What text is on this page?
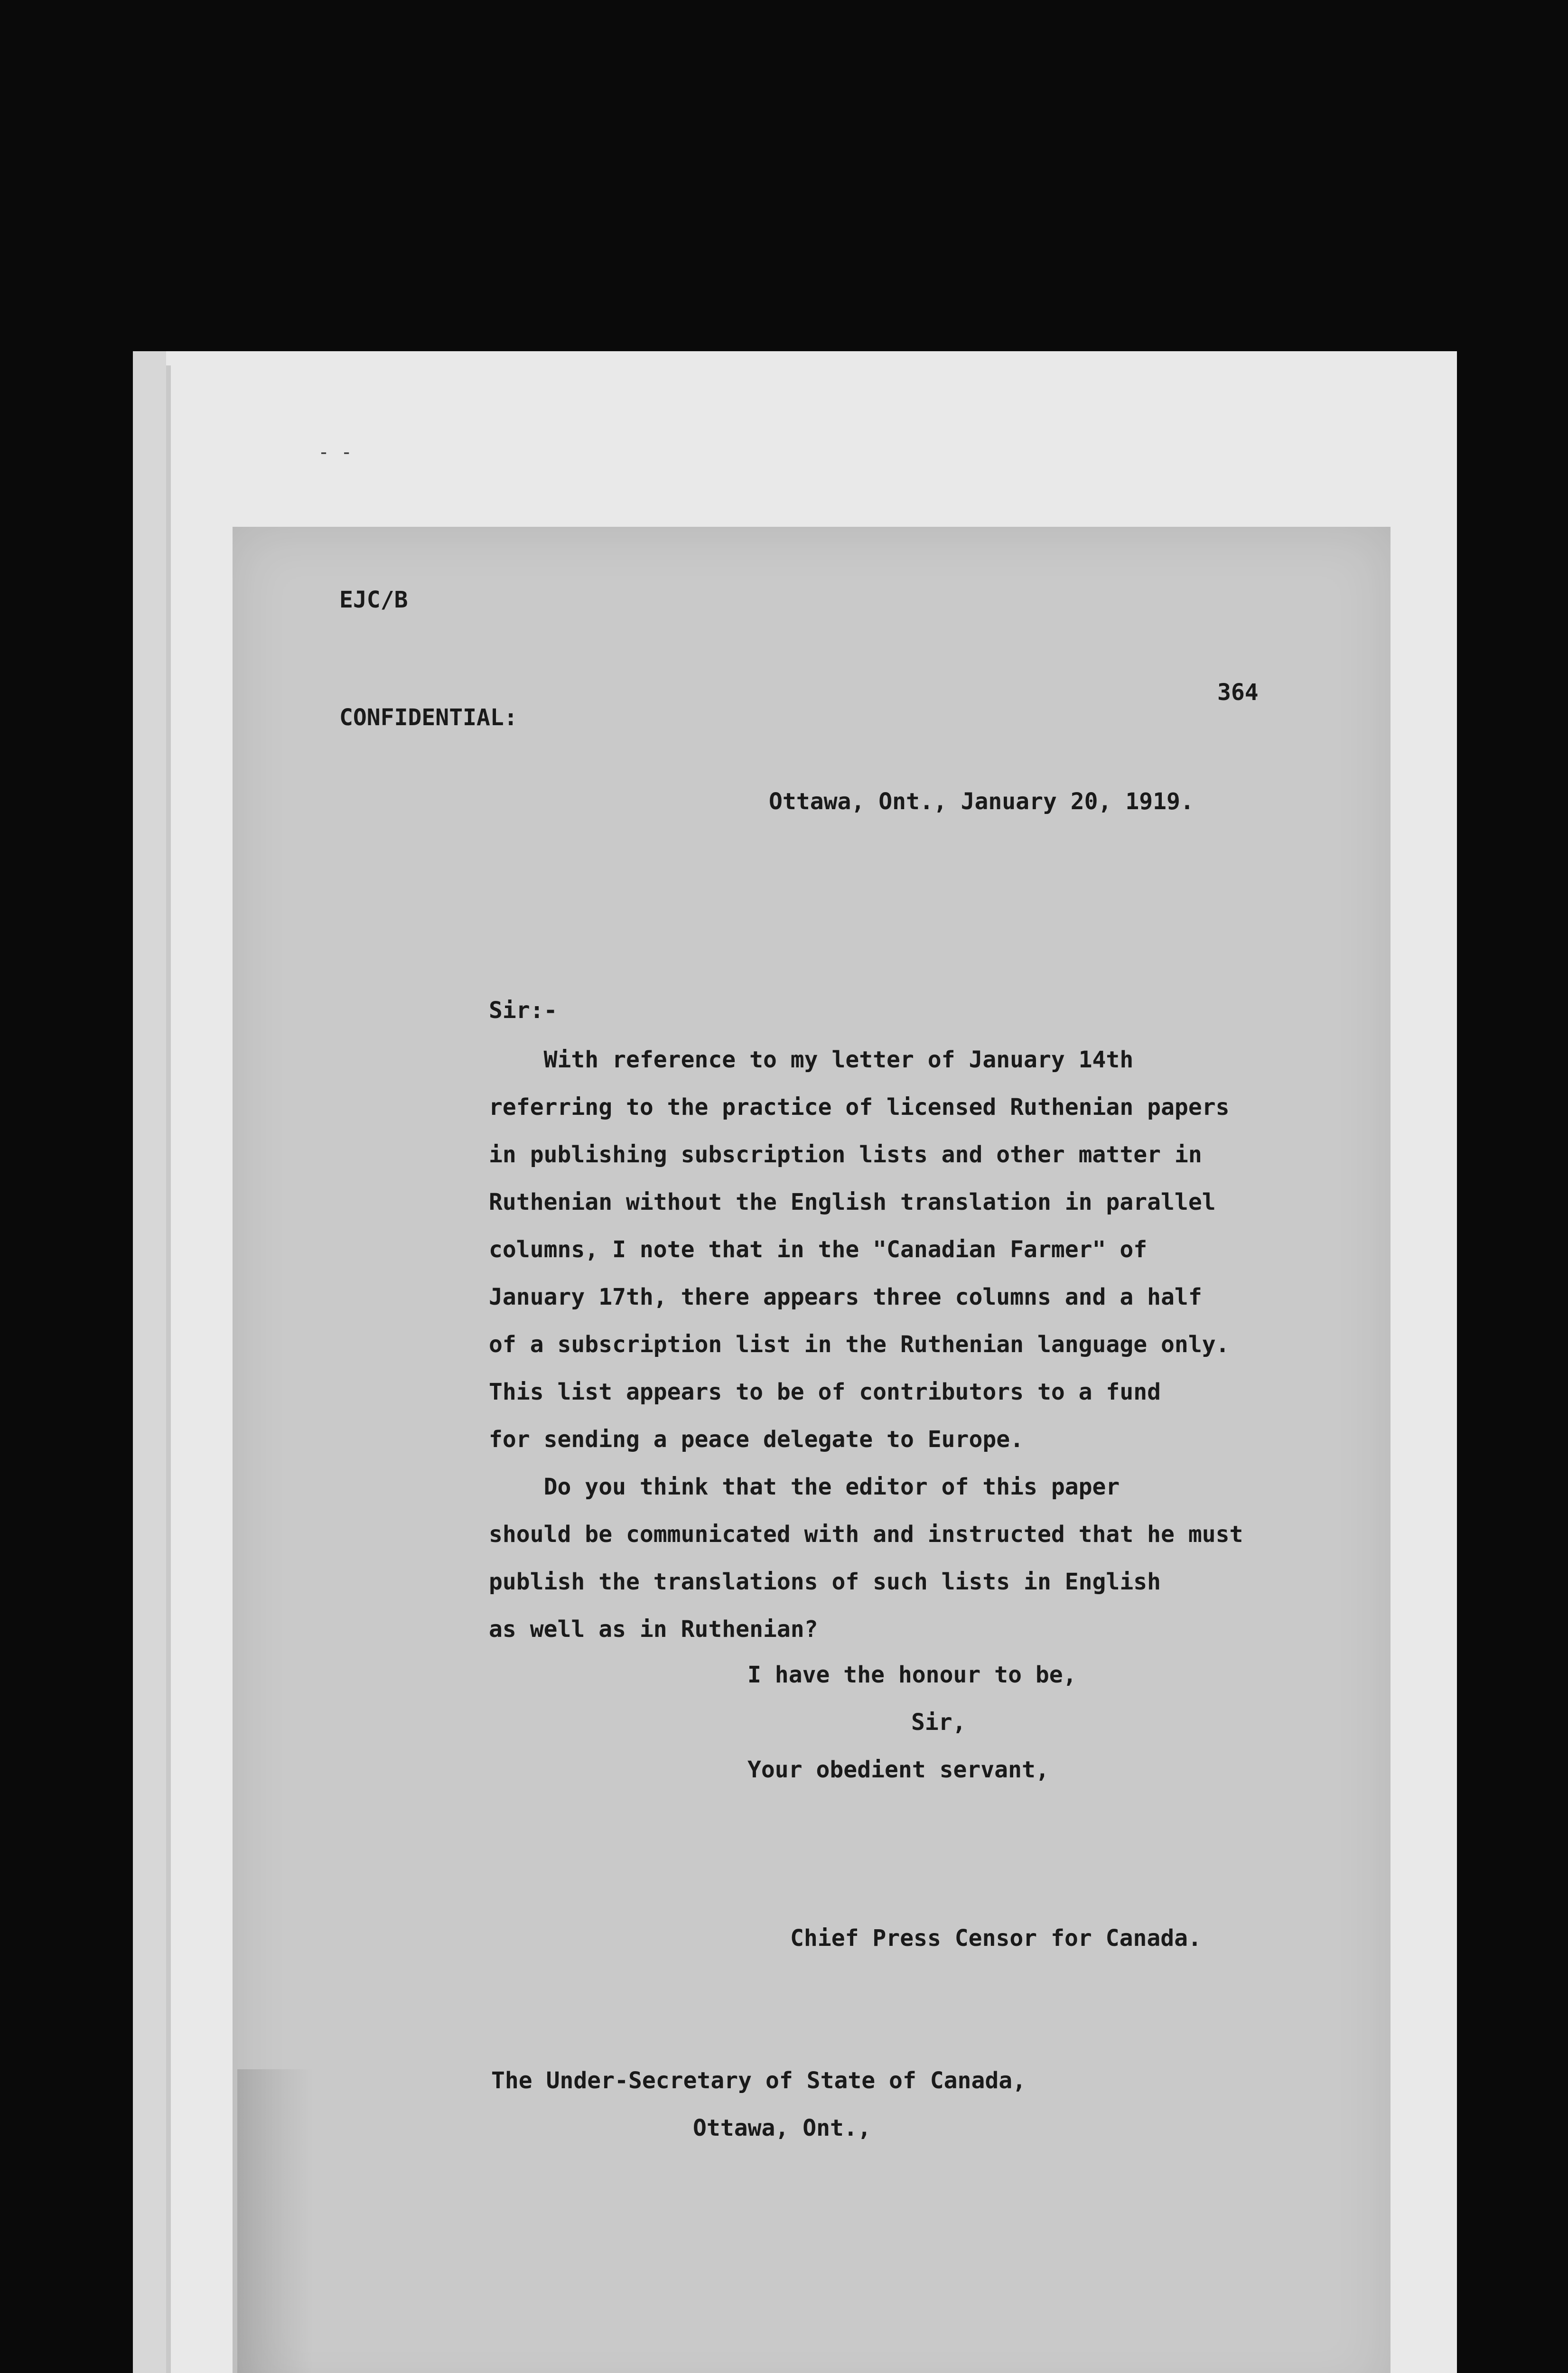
- -
EJC/B
CONFIDENTIAL:
364
Ottawa, Ont., January 20, 1919.
Sir:-
With reference to my letter of January 14th
referring to the practice of licensed Ruthenian papers
in publishing subscription lists and other matter in
Ruthenian without the English translation in parallel
columns, I note that in the "Canadian Farmer" of
January 17th, there appears three columns and a half
of a subscription list in the Ruthenian language only.
This list appears to be of contributors to a fund
for sending a peace delegate to Europe.
Do you think that the editor of this paper
should be communicated with and instructed that he must
publish the translations of such lists in English
as well as in Ruthenian?
I have the honour to be,
Sir,
Your obedient servant,
Chief Press Censor for Canada.
The Under-Secretary of State of Canada,
Ottawa, Ont.,
